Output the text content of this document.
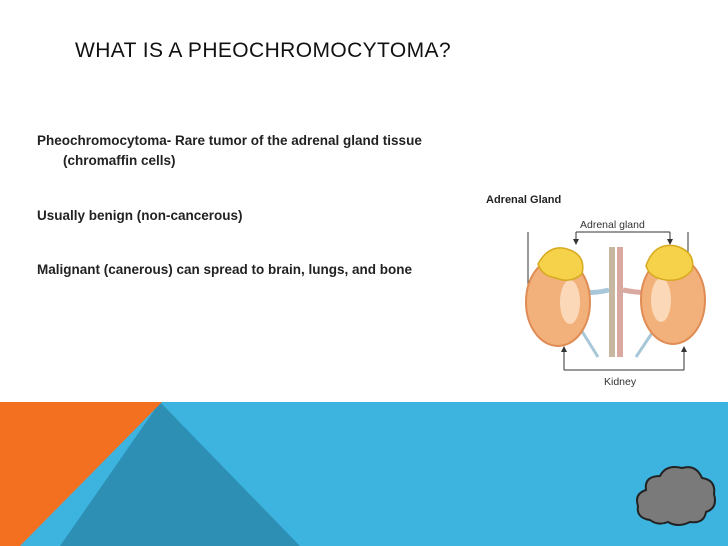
WHAT IS A PHEOCHROMOCYTOMA?
Pheochromocytoma- Rare tumor of the adrenal gland tissue
(chromaffin cells)
Usually benign (non-cancerous)
Malignant (canerous) can spread to brain, lungs, and bone
Adrenal Gland
Adrenal gland
Kidney
